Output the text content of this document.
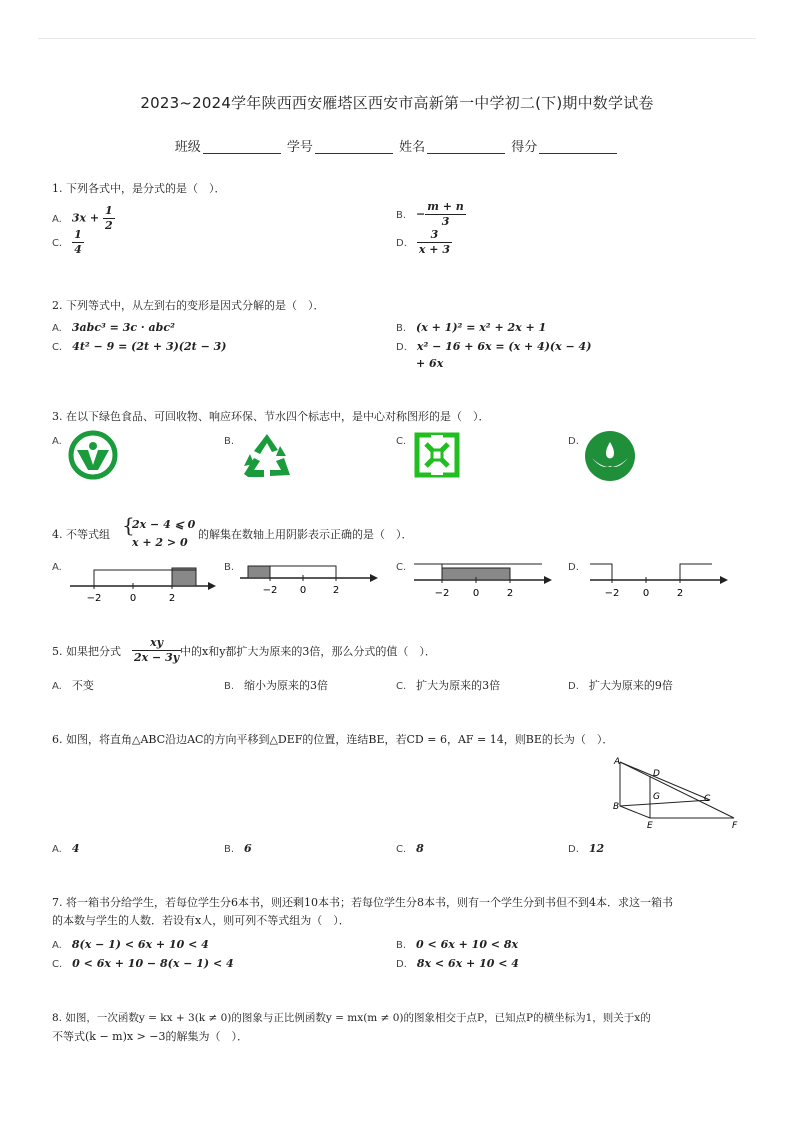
2023~2024学年陕西西安雁塔区西安市高新第一中学初二(下)期中数学试卷
班级	学号	姓名	得分
1. 下列各式中，是分式的是（　）．
A. $3x + \frac{1}{2}$	B. − $\frac{m + n}{3}$
C. $\frac{1}{4}$	D. $\frac{3}{x + 3}$
2. 下列等式中，从左到右的变形是因式分解的是（　）．
A. 3abc³ = 3c · abc²	B. (x + 1)² = x² + 2x + 1
C. 4t² − 9 = (2t + 3)(2t − 3)	D. x² − 16 + 6x = (x + 4)(x − 4)
+ 6x
3. 在以下绿色食品、可回收物、响应环保、节水四个标志中，是中心对称图形的是（　）．
A.	B.	C.	D.
4. 不等式组 {
2x − 4 ⩽ 0
x + 2 > 0
的解集在数轴上用阴影表示正确的是（　）．
A.
−2	0	2
B.
−2 0	2
C.
−2 0	2
D.
−2 0	2
5. 如果把分式 $\frac{xy}{2x - 3y}$
中的x和y都扩大为原来的3倍，那么分式的值（　）．
A. 不变	B. 缩小为原来的3倍	C. 扩大为原来的3倍	D. 扩大为原来的9倍
6. 如图，将直角△ABC沿边AC的方向平移到△DEF的位置，连结BE，若CD = 6，AF = 14，则BE的长为（　）．
A
B
C
D
E	F
G
A. 4	B. 6	C. 8	D. 12
7. 将一箱书分给学生，若每位学生分6本书，则还剩10本书；若每位学生分8本书，则有一个学生分到书但不到4本．求这一箱书
的本数与学生的人数．若设有x人，则可列不等式组为（　）．
A. 8(x − 1) < 6x + 10 < 4	B. 0 < 6x + 10 < 8x
C. 0 < 6x + 10 − 8(x − 1) < 4	D. 8x < 6x + 10 < 4
8. 如图，一次函数y = kx + 3(k ≠ 0)的图象与正比例函数y = mx(m ≠ 0)的图象相交于点P，已知点P的横坐标为1，则关于x的
不等式(k − m)x > −3的解集为（　）．
